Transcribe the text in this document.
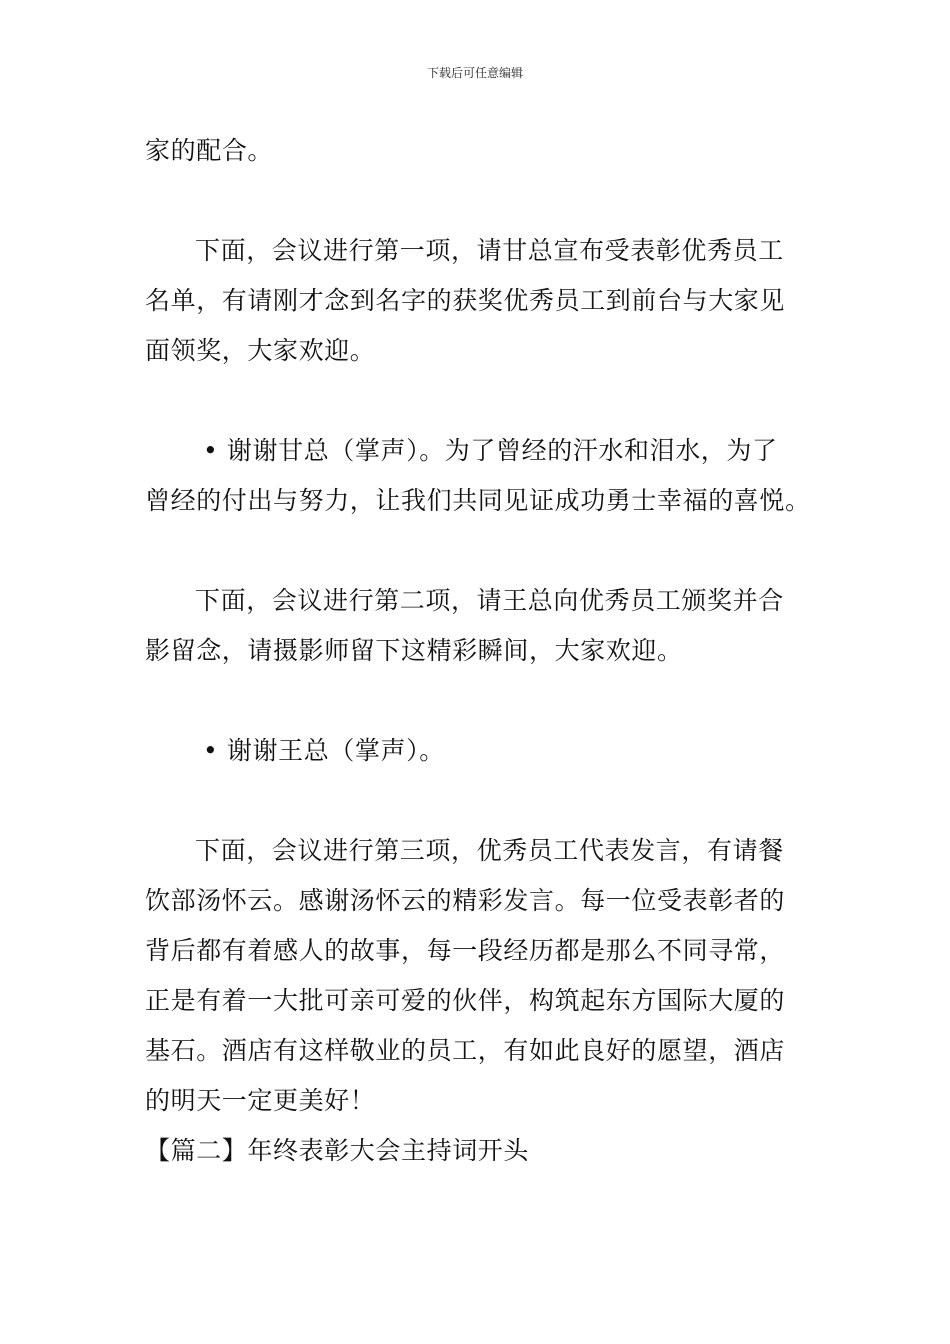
下载后可任意编辑
家的配合。
下面，会议进行第一项，请甘总宣布受表彰优秀员工
名单，有请刚才念到名字的获奖优秀员工到前台与大家见
面领奖，大家欢迎。
• 谢谢甘总（掌声）。为了曾经的汗水和泪水，为了
曾经的付出与努力，让我们共同见证成功勇士幸福的喜悦。
下面，会议进行第二项，请王总向优秀员工颁奖并合
影留念，请摄影师留下这精彩瞬间，大家欢迎。
• 谢谢王总（掌声）。
下面，会议进行第三项，优秀员工代表发言，有请餐
饮部汤怀云。感谢汤怀云的精彩发言。每一位受表彰者的
背后都有着感人的故事，每一段经历都是那么不同寻常，
正是有着一大批可亲可爱的伙伴，构筑起东方国际大厦的
基石。酒店有这样敬业的员工，有如此良好的愿望，酒店
的明天一定更美好！
【篇二】年终表彰大会主持词开头
